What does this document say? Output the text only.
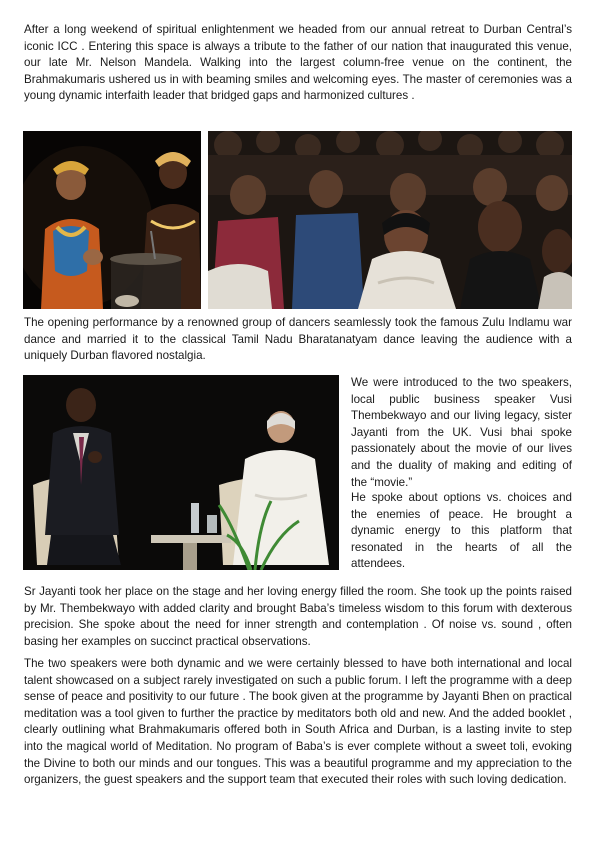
After a long weekend of spiritual enlightenment we headed from our annual retreat to Durban Central’s iconic ICC . Entering this space is always a tribute to the father of our nation that inaugurated this venue, our late Mr. Nelson Mandela. Walking into the largest column-free venue on the continent, the Brahmakumaris ushered us in with beaming smiles and welcoming eyes. The master of ceremonies was a young dynamic interfaith leader that bridged gaps and harmonized cultures .

The opening performance by a renowned group of dancers seamlessly took the famous Zulu Indlamu war dance and married it to the classical Tamil Nadu Bharatanatyam dance leaving the audience with a uniquely Durban flavored nostalgia.

We were introduced to the two speakers, local public business speaker Vusi Thembekwayo and our living legacy, sister Jayanti from the UK. Vusi bhai spoke passionately about the movie of our lives and the duality of making and editing of the “movie.”

He spoke about options vs. choices and the enemies of peace. He brought a dynamic energy to this platform that resonated in the hearts of all the attendees.

Sr Jayanti took her place on the stage and her loving energy filled the room. She took up the points raised by Mr. Thembekwayo with added clarity and brought Baba’s timeless wisdom to this forum with dexterous precision. She spoke about the need for inner strength and contemplation . Of noise vs. sound , often basing her examples on succinct practical observations.

The two speakers were both dynamic and we were certainly blessed to have both international and local talent showcased on a subject rarely investigated on such a public forum. I left the programme with a deep sense of peace and positivity to our future . The book given at the programme by Jayanti Bhen on practical meditation was a tool given to further the practice by meditators both old and new. And the added booklet , clearly outlining what Brahmakumaris offered both in South Africa and Durban, is a lasting invite to step into the magical world of Meditation. No program of Baba’s is ever complete without a sweet toli, evoking the Divine to both our minds and our tongues. This was a beautiful programme and my appreciation to the organizers, the guest speakers and the support team that executed their roles with such loving dedication.
